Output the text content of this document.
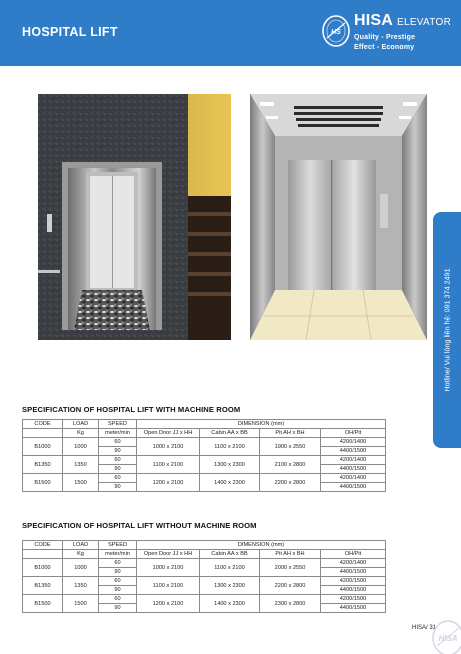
HOSPITAL LIFT	HS
HISA ELEVATOR
Quality - Prestige
Effect - Economy
Hotline/ Vui lòng liên hệ: 091 374 2491
SPECIFICATION OF HOSPITAL LIFT WITH MACHINE ROOM
CODE	LOAD	SPEED	DIMENSION (mm)			
	Kg	meter/min	Open Door JJ x HH	Cabin AA x BB	Pit AH x BH	OH/Pit
B1000	1000	60	1000 x 2100	1100 x 2100	1900 x 2550	4200/1400
		90				4400/1500
B1350	1350	60	1100 x 2100	1300 x 2300	2100 x 2800	4200/1400
		90				4400/1500
B1500	1500	60	1200 x 2100	1400 x 2300	2200 x 2800	4200/1400
		90				4400/1500
SPECIFICATION OF HOSPITAL LIFT WITHOUT MACHINE ROOM
CODE	LOAD	SPEED	DIMENSION (mm)			
	Kg	meter/min	Open Door JJ x HH	Cabin AA x BB	Pit AH x BH	OH/Pit
B1000	1000	60	1000 x 2100	1100 x 2100	2000 x 2550	4200/1400
		90				4400/1500
B1350	1350	60	1100 x 2100	1300 x 2300	2200 x 2800	4200/1500
		90				4400/1500
B1500	1500	60	1200 x 2100	1400 x 2300	2300 x 2800	4200/1500
		90				4400/1500
HISA/ 31
HISA
